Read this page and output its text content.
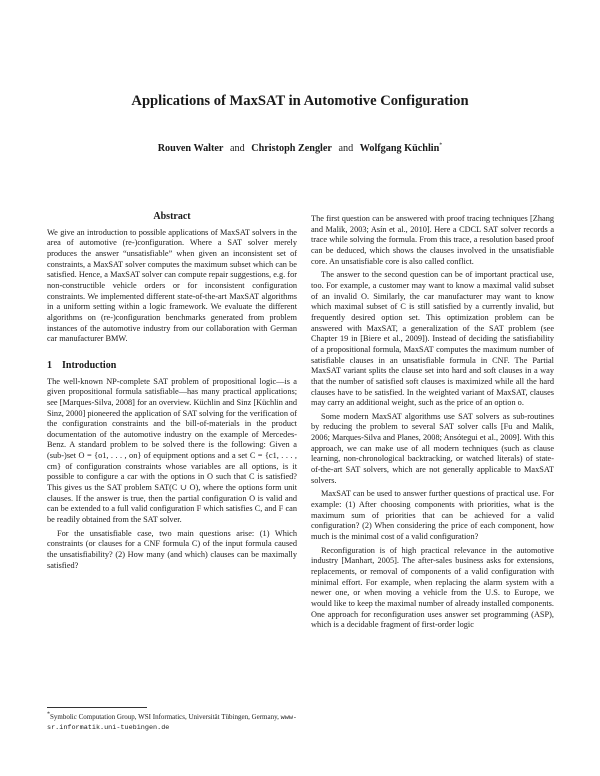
Applications of MaxSAT in Automotive Configuration
Rouven Walter and Christoph Zengler and Wolfgang Küchlin*
Abstract

We give an introduction to possible applications of MaxSAT solvers in the area of automotive (re-)configuration. Where a SAT solver merely produces the answer “unsatisfiable” when given an inconsistent set of constraints, a MaxSAT solver computes the maximum subset which can be satisfied. Hence, a MaxSAT solver can compute repair suggestions, e.g. for non-constructible vehicle orders or for inconsistent configuration constraints. We implemented different state-of-the-art MaxSAT algorithms in a uniform setting within a logic framework. We evaluate the different algorithms on (re-)configuration benchmarks generated from problem instances of the automotive industry from our collaboration with German car manufacturer BMW.

1 Introduction

The well-known NP-complete SAT problem of propositional logic—is a given propositional formula satisfiable—has many practical applications; see [Marques-Silva, 2008] for an overview. Küchlin and Sinz [Küchlin and Sinz, 2000] pioneered the application of SAT solving for the verification of the configuration constraints and the bill-of-materials in the product documentation of the automotive industry on the example of Mercedes-Benz. A standard problem to be solved there is the following: Given a (sub-)set O = {o1, . . . , on} of equipment options and a set C = {c1, . . . , cm} of configuration constraints whose variables are all options, is it possible to configure a car with the options in O such that C is satisfied? This gives us the SAT problem SAT(C ∪ O), where the options form unit clauses. If the answer is true, then the partial configuration O is valid and can be extended to a full valid configuration F which satisfies C, and F can be readily obtained from the SAT solver.

For the unsatisfiable case, two main questions arise: (1) Which constraints (or clauses for a CNF formula C) of the input formula caused the unsatisfiability? (2) How many (and which) clauses can be maximally satisfied?

*Symbolic Computation Group, WSI Informatics, Universität Tübingen, Germany, www-sr.informatik.uni-tuebingen.de

The first question can be answered with proof tracing techniques [Zhang and Malik, 2003; Asín et al., 2010]. Here a CDCL SAT solver records a trace while solving the formula. From this trace, a resolution based proof can be deduced, which shows the clauses involved in the unsatisfiable core. An unsatisfiable core is also called conflict.

The answer to the second question can be of important practical use, too. For example, a customer may want to know a maximal valid subset of an invalid O. Similarly, the car manufacturer may want to know which maximal subset of C is still satisfied by a currently invalid, but frequently desired option set. This optimization problem can be answered with MaxSAT, a generalization of the SAT problem (see Chapter 19 in [Biere et al., 2009]). Instead of deciding the satisfiability of a propositional formula, MaxSAT computes the maximum number of satisfiable clauses in an unsatisfiable formula in CNF. The Partial MaxSAT variant splits the clause set into hard and soft clauses in a way that the number of satisfied soft clauses is maximized while all the hard clauses have to be satisfied. In the weighted variant of MaxSAT, clauses may carry an additional weight, such as the price of an option o.

Some modern MaxSAT algorithms use SAT solvers as sub-routines by reducing the problem to several SAT solver calls [Fu and Malik, 2006; Marques-Silva and Planes, 2008; Ansótegui et al., 2009]. With this approach, we can make use of all modern techniques (such as clause learning, non-chronological backtracking, or watched literals) of state-of-the-art SAT solvers, which are not generally applicable to MaxSAT solvers.

MaxSAT can be used to answer further questions of practical use. For example: (1) After choosing components with priorities, what is the maximum sum of priorities that can be achieved for a valid configuration? (2) When considering the price of each component, how much is the minimal cost of a valid configuration?

Reconfiguration is of high practical relevance in the automotive industry [Manhart, 2005]. The after-sales business asks for extensions, replacements, or removal of components of a valid configuration with minimal effort. For example, when replacing the alarm system with a newer one, or when moving a vehicle from the U.S. to Europe, we would like to keep the maximal number of already installed components. One approach for reconfiguration uses answer set programming (ASP), which is a decidable fragment of first-order logic
